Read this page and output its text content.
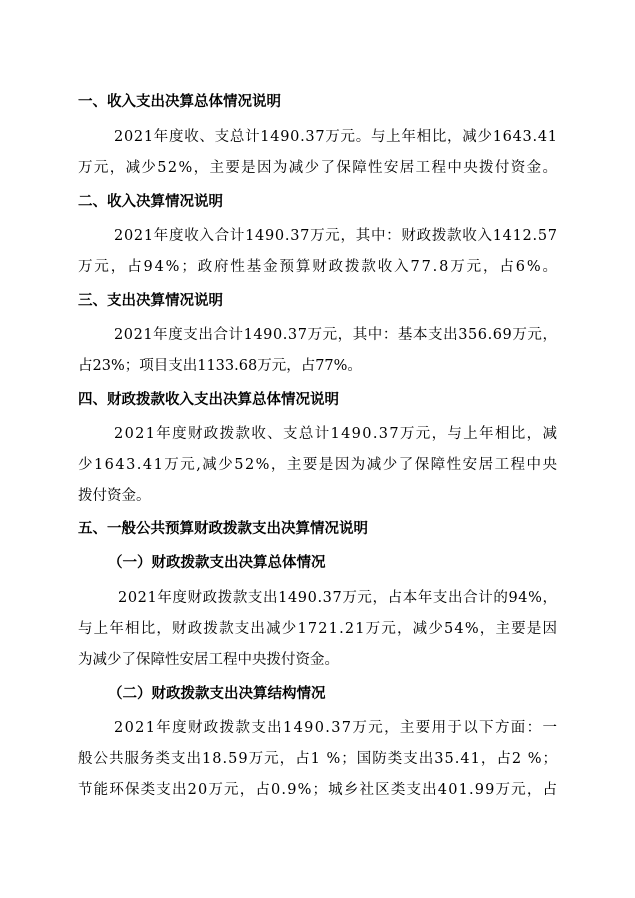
一、收入支出决算总体情况说明
2021年度收、支总计1490.37万元。与上年相比，减少1643.41
万元，减少52%，主要是因为减少了保障性安居工程中央拨付资金。
二、收入决算情况说明
2021年度收入合计1490.37万元，其中：财政拨款收入1412.57
万元，占94%；政府性基金预算财政拨款收入77.8万元，占6%。
三、支出决算情况说明
2021年度支出合计1490.37万元，其中：基本支出356.69万元，
占23%；项目支出1133.68万元，占77%。
四、财政拨款收入支出决算总体情况说明
2021年度财政拨款收、支总计1490.37万元，与上年相比，减
少1643.41万元,减少52%，主要是因为减少了保障性安居工程中央
拨付资金。
五、一般公共预算财政拨款支出决算情况说明
（一）财政拨款支出决算总体情况
2021年度财政拨款支出1490.37万元，占本年支出合计的94%，
与上年相比，财政拨款支出减少1721.21万元，减少54%，主要是因
为减少了保障性安居工程中央拨付资金。
（二）财政拨款支出决算结构情况
2021年度财政拨款支出1490.37万元，主要用于以下方面：一
般公共服务类支出18.59万元，占1 %；国防类支出35.41，占2 %；
节能环保类支出20万元，占0.9%；城乡社区类支出401.99万元，占
